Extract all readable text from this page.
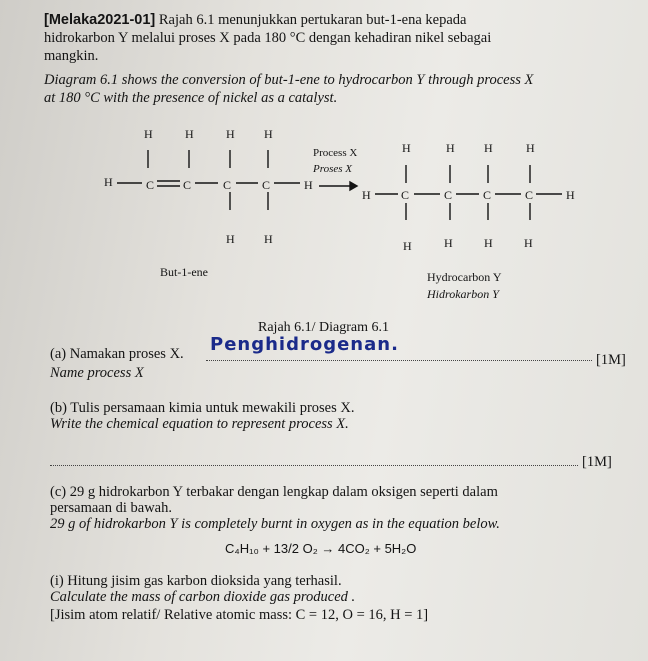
[Melaka2021-01] Rajah 6.1 menunjukkan pertukaran but-1-ena kepada
hidrokarbon Y melalui proses X pada 180 °C dengan kehadiran nikel sebagai
mangkin.
Diagram 6.1 shows the conversion of but-1-ene to hydrocarbon Y through process X
at 180 °C with the presence of nickel as a catalyst.
H	H	H H
H	C C	C	C	H
H H
Process X
Proses X
H	H H	H
H	C	C	C	C	H
H	H	H	H
But-1-ene	Hydrocarbon Y
Hidrokarbon Y
Rajah 6.1/ Diagram 6.1
(a) Namakan proses X. Penghidrogenan.
[1M]
Name process X
(b) Tulis persamaan kimia untuk mewakili proses X.
Write the chemical equation to represent process X.
[1M]
(c) 29 g hidrokarbon Y terbakar dengan lengkap dalam oksigen seperti dalam
persamaan di bawah.
29 g of hidrokarbon Y is completely burnt in oxygen as in the equation below.
C₄H₁₀ + 13/2 O₂ → 4CO₂ + 5H₂O
(i) Hitung jisim gas karbon dioksida yang terhasil.
Calculate the mass of carbon dioxide gas produced .
[Jisim atom relatif/ Relative atomic mass: C = 12, O = 16, H = 1]
